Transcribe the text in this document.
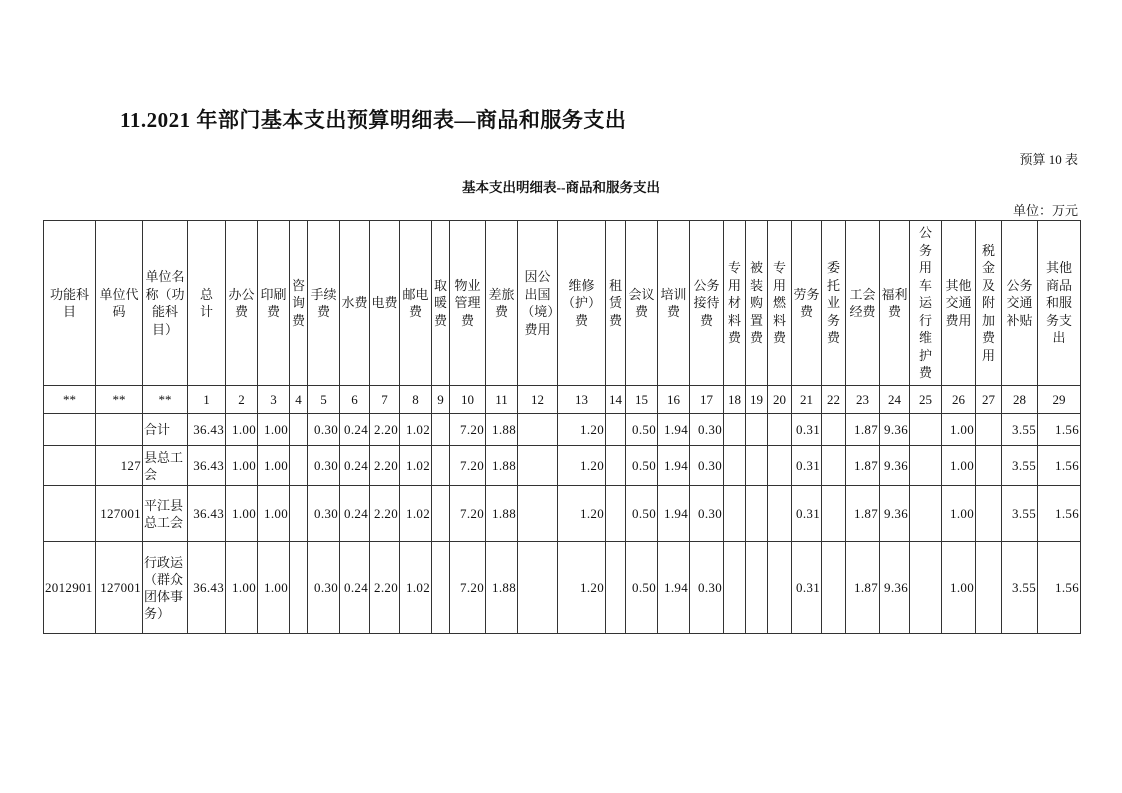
11.2021 年部门基本支出预算明细表—商品和服务支出
预算 10 表
基本支出明细表--商品和服务支出
单位：万元
功能科目	单位代码	单位名称（功能科目）	总计	办公费	印刷费	咨询费	手续费	水费	电费	邮电费	取暖费	物业管理费	差旅费	因公出国（境）费用	维修（护）费	租赁费	会议费	培训费	公务接待费	专用材料费	被装购置费	专用燃料费	劳务费	委托业务费	工会经费	福利费	公务用车运行维护费	其他交通费用	税金及附加费用	公务交通补贴	其他商品和服务支出
**	**	**	1	2	3	4	5	6	7	8	9	10	11	12	13	14	15	16	17	18	19	20	21	22	23	24	25	26	27	28	29
		合计	36.43	1.00	1.00		0.30	0.24	2.20	1.02		7.20	1.88		1.20		0.50	1.94	0.30				0.31		1.87	9.36		1.00		3.55	1.56
	127	县总工会	36.43	1.00	1.00		0.30	0.24	2.20	1.02		7.20	1.88		1.20		0.50	1.94	0.30				0.31		1.87	9.36		1.00		3.55	1.56
	127001	平江县总工会	36.43	1.00	1.00		0.30	0.24	2.20	1.02		7.20	1.88		1.20		0.50	1.94	0.30				0.31		1.87	9.36		1.00		3.55	1.56
2012901	127001	行政运（群众团体事务）	36.43	1.00	1.00		0.30	0.24	2.20	1.02		7.20	1.88		1.20		0.50	1.94	0.30				0.31		1.87	9.36		1.00		3.55	1.56
